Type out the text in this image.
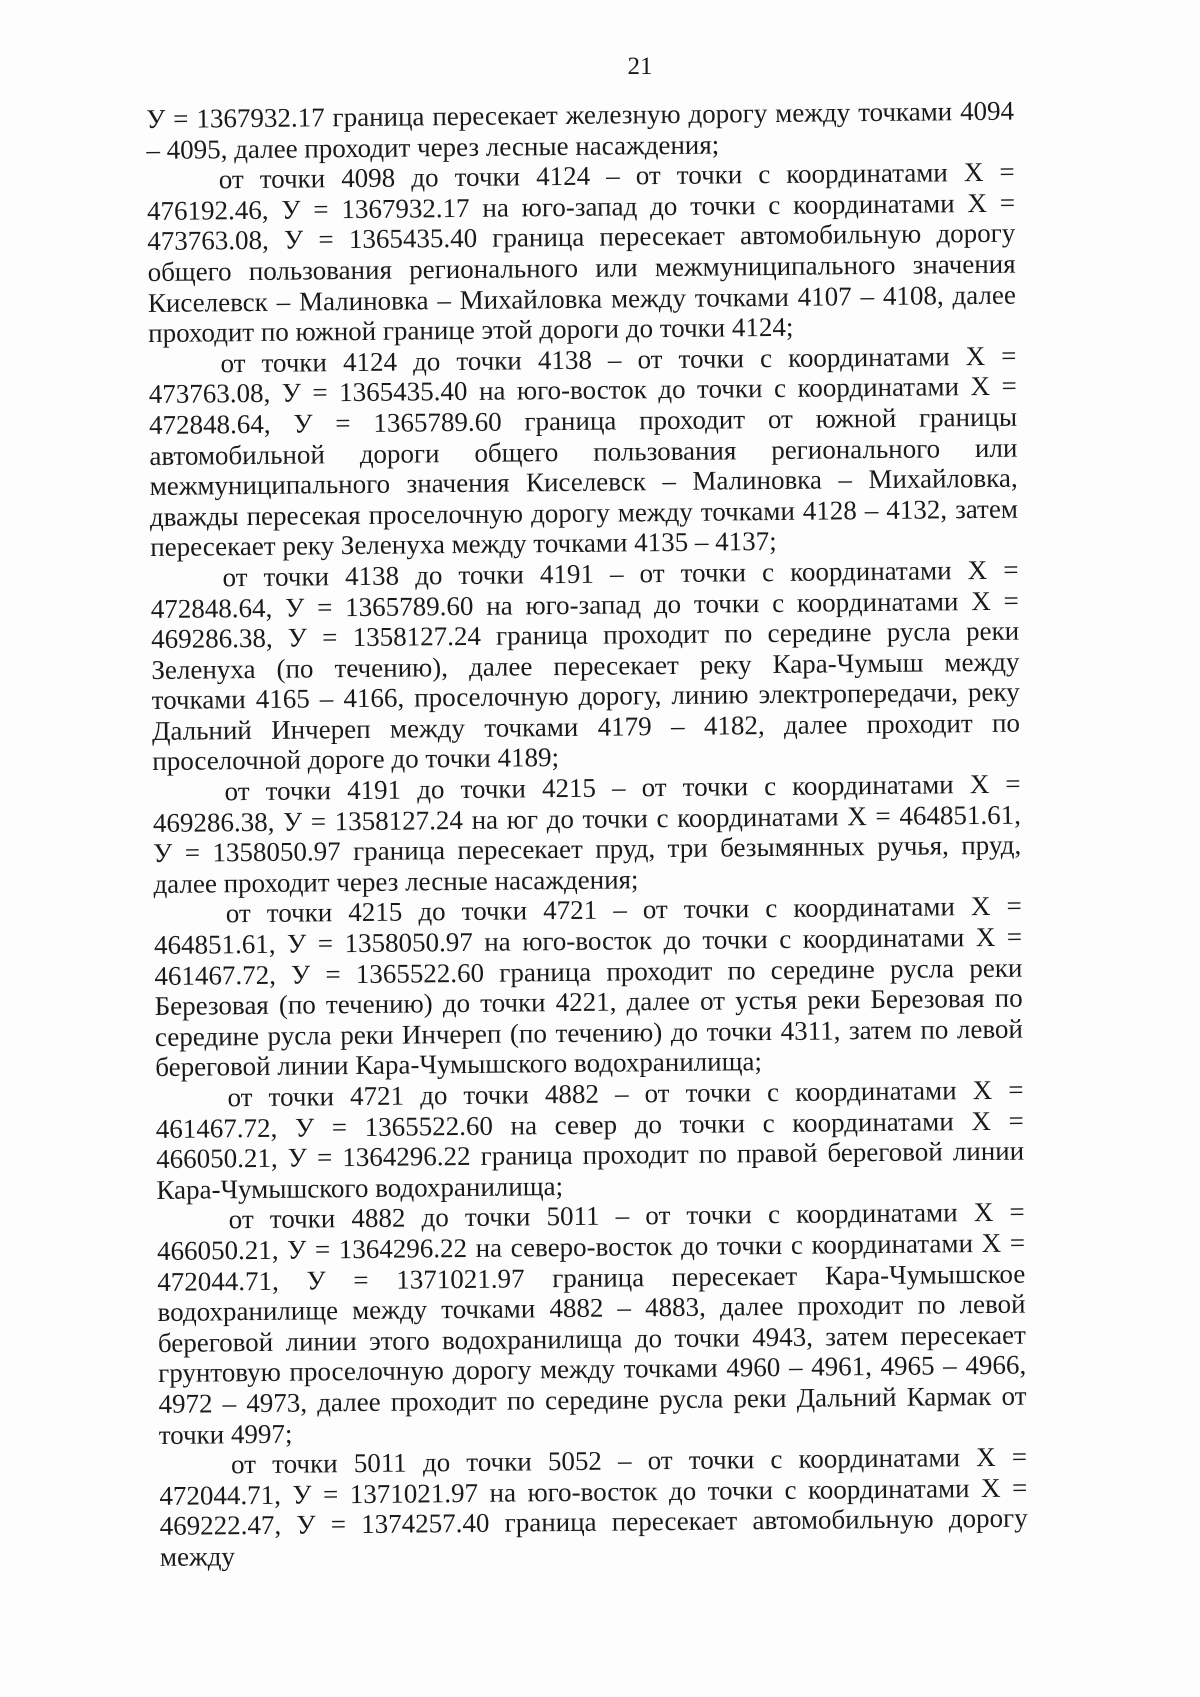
21

У = 1367932.17 граница пересекает железную дорогу между точками 4094 – 4095, далее проходит через лесные насаждения;

от точки 4098 до точки 4124 – от точки с координатами Х = 476192.46, У = 1367932.17 на юго-запад до точки с координатами Х = 473763.08, У = 1365435.40 граница пересекает автомобильную дорогу общего пользования регионального или межмуниципального значения Киселевск – Малиновка – Михайловка между точками 4107 – 4108, далее проходит по южной границе этой дороги до точки 4124;

от точки 4124 до точки 4138 – от точки с координатами Х = 473763.08, У = 1365435.40 на юго-восток до точки с координатами Х = 472848.64, У = 1365789.60 граница проходит от южной границы автомобильной дороги общего пользования регионального или межмуниципального значения Киселевск – Малиновка – Михайловка, дважды пересекая проселочную дорогу между точками 4128 – 4132, затем пересекает реку Зеленуха между точками 4135 – 4137;

от точки 4138 до точки 4191 – от точки с координатами Х = 472848.64, У = 1365789.60 на юго-запад до точки с координатами Х = 469286.38, У = 1358127.24 граница проходит по середине русла реки Зеленуха (по течению), далее пересекает реку Кара-Чумыш между точками 4165 – 4166, проселочную дорогу, линию электропередачи, реку Дальний Инчереп между точками 4179 – 4182, далее проходит по проселочной дороге до точки 4189;

от точки 4191 до точки 4215 – от точки с координатами Х = 469286.38, У = 1358127.24 на юг до точки с координатами Х = 464851.61, У = 1358050.97 граница пересекает пруд, три безымянных ручья, пруд, далее проходит через лесные насаждения;

от точки 4215 до точки 4721 – от точки с координатами Х = 464851.61, У = 1358050.97 на юго-восток до точки с координатами Х = 461467.72, У = 1365522.60 граница проходит по середине русла реки Березовая (по течению) до точки 4221, далее от устья реки Березовая по середине русла реки Инчереп (по течению) до точки 4311, затем по левой береговой линии Кара-Чумышского водохранилища;

от точки 4721 до точки 4882 – от точки с координатами Х = 461467.72, У = 1365522.60 на север до точки с координатами Х = 466050.21, У = 1364296.22 граница проходит по правой береговой линии Кара-Чумышского водохранилища;

от точки 4882 до точки 5011 – от точки с координатами Х = 466050.21, У = 1364296.22 на северо-восток до точки с координатами Х = 472044.71, У = 1371021.97 граница пересекает Кара-Чумышское водохранилище между точками 4882 – 4883, далее проходит по левой береговой линии этого водохранилища до точки 4943, затем пересекает грунтовую проселочную дорогу между точками 4960 – 4961, 4965 – 4966, 4972 – 4973, далее проходит по середине русла реки Дальний Кармак от точки 4997;

от точки 5011 до точки 5052 – от точки с координатами Х = 472044.71, У = 1371021.97 на юго-восток до точки с координатами Х = 469222.47, У = 1374257.40 граница пересекает автомобильную дорогу между
